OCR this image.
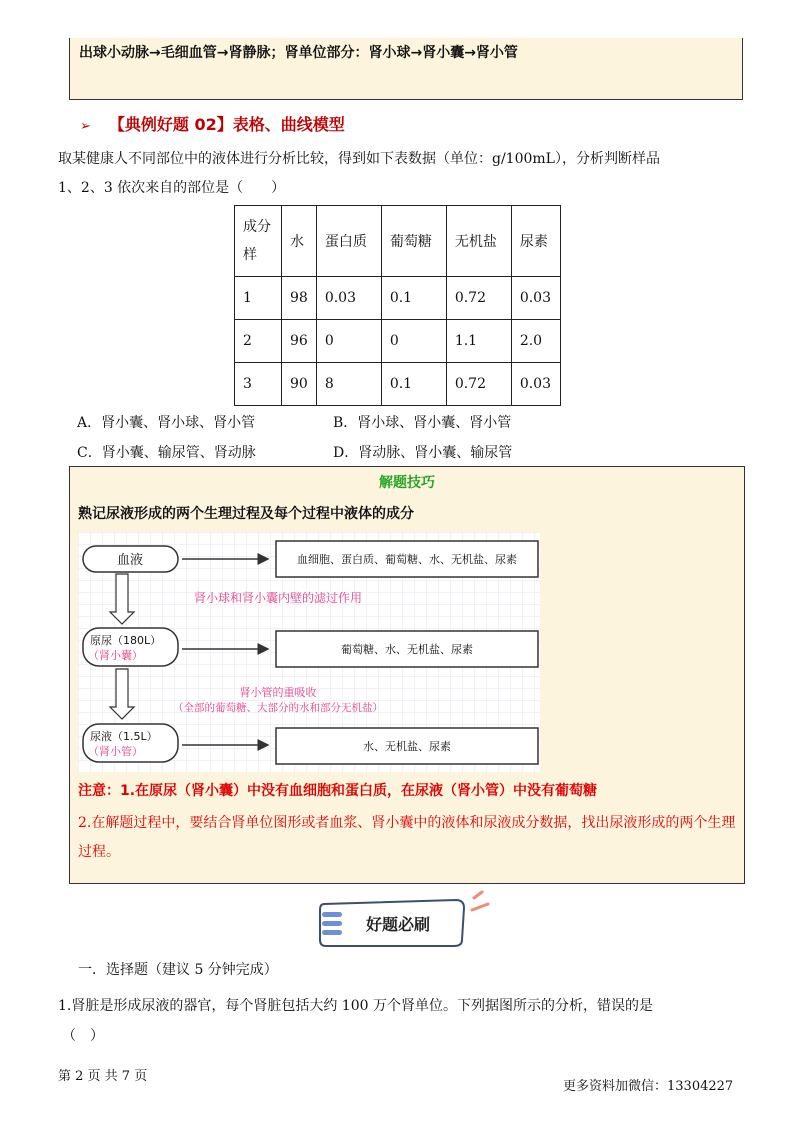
出球小动脉→毛细血管→肾静脉；肾单位部分：肾小球→肾小囊→肾小管
➢ 【典例好题 02】表格、曲线模型
取某健康人不同部位中的液体进行分析比较，得到如下表数据（单位：g/100mL），分析判断样品
1、2、3 依次来自的部位是（　　）
成分
样	水	蛋白质	葡萄糖	无机盐	尿素
1	98	0.03	0.1	0.72	0.03
2	96	0	0	1.1	2.0
3	90	8	0.1	0.72	0.03
A．肾小囊、肾小球、肾小管	B．肾小球、肾小囊、肾小管
C．肾小囊、输尿管、肾动脉	D．肾动脉、肾小囊、输尿管
解题技巧
熟记尿液形成的两个生理过程及每个过程中液体的成分
注意：1.在原尿（肾小囊）中没有血细胞和蛋白质，在尿液（肾小管）中没有葡萄糖
2.在解题过程中，要结合肾单位图形或者血浆、肾小囊中的液体和尿液成分数据，找出尿液形成的两个生理过程。
血液	血细胞、蛋白质、葡萄糖、水、无机盐、尿素
肾小球和肾小囊内壁的滤过作用
原尿（180L）
（肾小囊）	葡萄糖、水、无机盐、尿素
肾小管的重吸收
（全部的葡萄糖、大部分的水和部分无机盐）
尿液（1.5L）
（肾小管）	水、无机盐、尿素
好题必刷
一．选择题（建议 5 分钟完成）
1.肾脏是形成尿液的器官，每个肾脏包括大约 100 万个肾单位。下列据图所示的分析，错误的是
（　）
第 2 页 共 7 页
更多资料加微信：13304227
